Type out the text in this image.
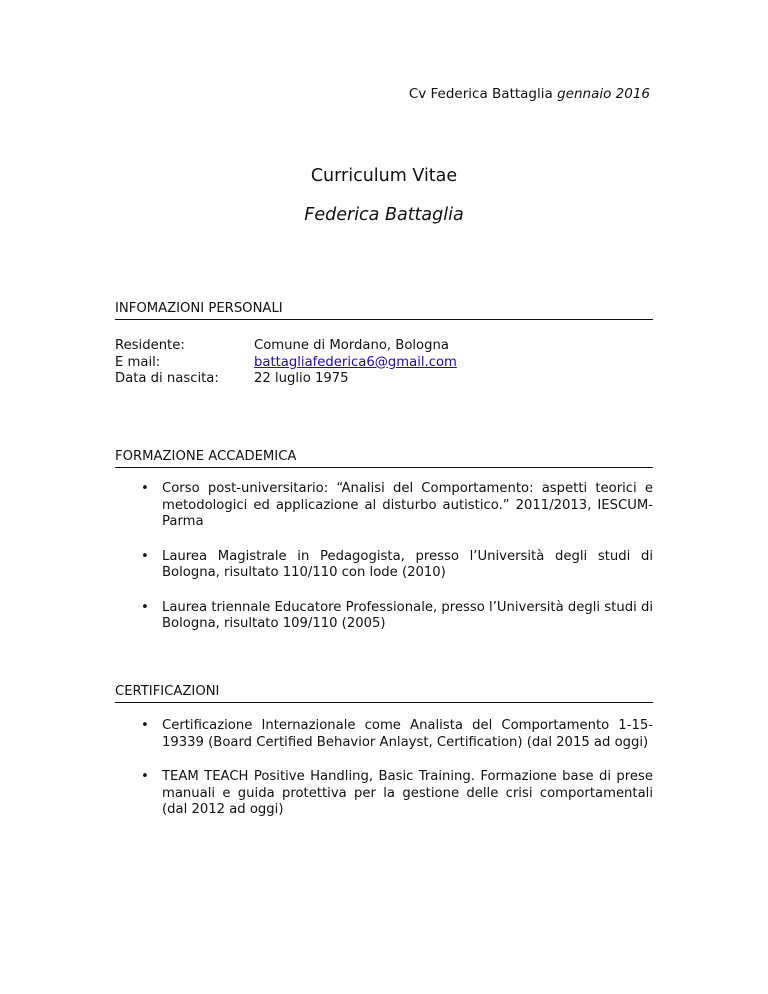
Cv Federica Battaglia gennaio 2016
Curriculum Vitae
Federica Battaglia
INFOMAZIONI PERSONALI
Residente:	Comune di Mordano, Bologna
E mail:	battagliafederica6@gmail.com
Data di nascita:	22 luglio 1975
FORMAZIONE ACCADEMICA
•	Corso post-universitario: “Analisi del Comportamento: aspetti teorici e metodologici ed applicazione al disturbo autistico.” 2011/2013, IESCUM-Parma
•	Laurea Magistrale in Pedagogista, presso l’Università degli studi di Bologna, risultato 110/110 con lode (2010)
•	Laurea triennale Educatore Professionale, presso l’Università degli studi di Bologna, risultato 109/110 (2005)
CERTIFICAZIONI
•	Certificazione Internazionale come Analista del Comportamento 1-15-19339 (Board Certified Behavior Anlayst, Certification) (dal 2015 ad oggi)
•	TEAM TEACH Positive Handling, Basic Training. Formazione base di prese manuali e guida protettiva per la gestione delle crisi comportamentali (dal 2012 ad oggi)
